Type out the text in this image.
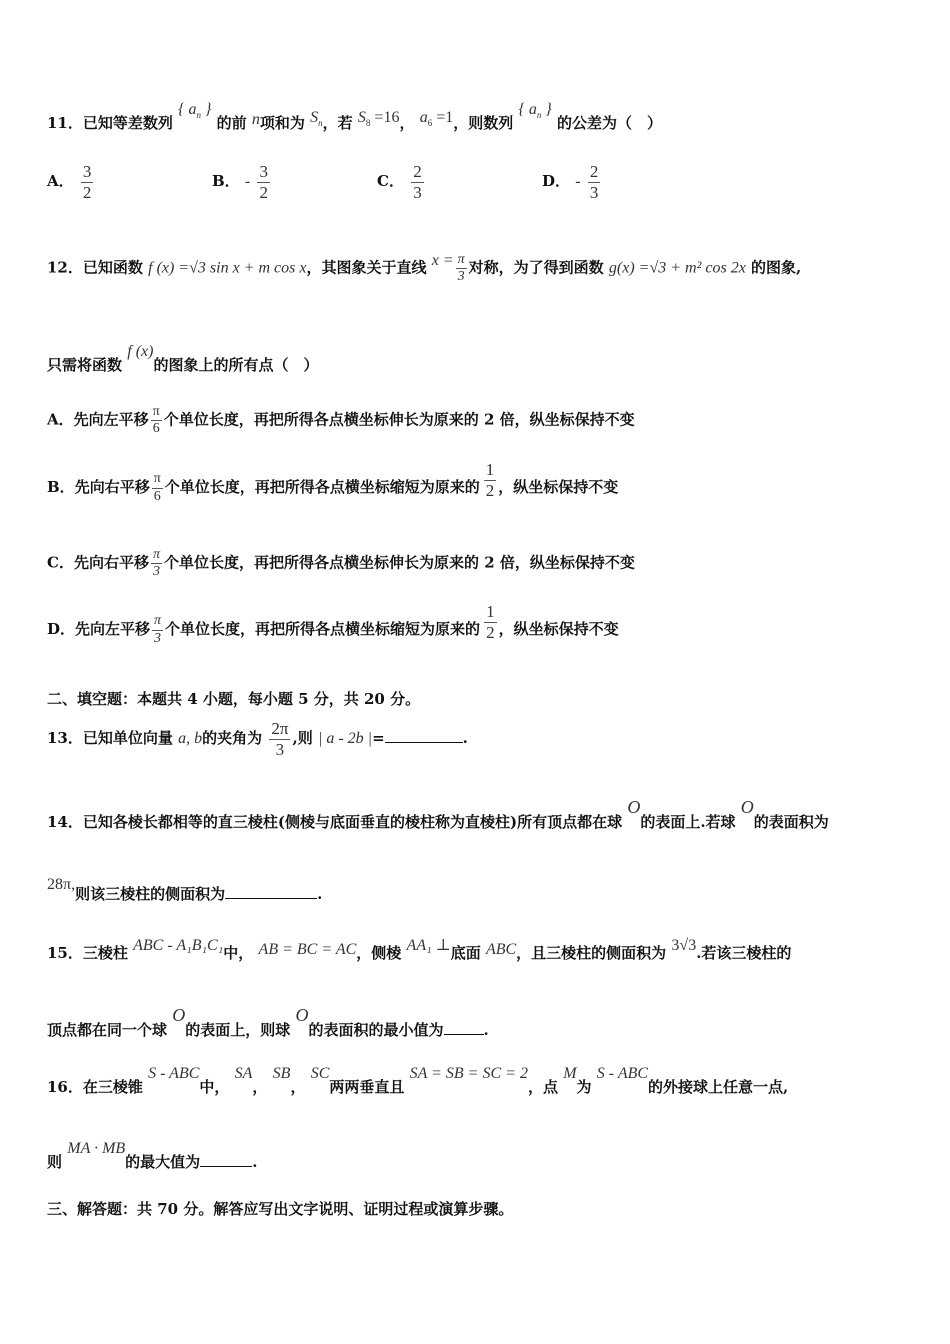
11．已知等差数列 { $a_n$ } 的前 n项和为 $S_n$，若 $S_8 =16$， $a_6 =1$，则数列 { $a_n$ } 的公差为（　）
A． $\frac{3}{2}$	B． - $\frac{3}{2}$	C． $\frac{2}{3}$	D． - $\frac{2}{3}$
12．已知函数 f (x) =√3 sin x + m cos x，其图象关于直线 $x = \frac{\pi}{3}$ 对称，为了得到函数 g(x) =√3 + m² cos 2x 的图象,
只需将函数 f (x)的图象上的所有点（　）
A．先向左平移 $\frac{\pi}{6}$ 个单位长度，再把所得各点横坐标伸长为原来的 2 倍，纵坐标保持不变
B．先向右平移 $\frac{\pi}{6}$ 个单位长度，再把所得各点横坐标缩短为原来的 $\frac{1}{2}$ ，纵坐标保持不变
C．先向右平移 $\frac{\pi}{3}$ 个单位长度，再把所得各点横坐标伸长为原来的 2 倍，纵坐标保持不变
D．先向左平移 $\frac{\pi}{3}$ 个单位长度，再把所得各点横坐标缩短为原来的 $\frac{1}{2}$ ，纵坐标保持不变
二、填空题：本题共 4 小题，每小题 5 分，共 20 分。
13．已知单位向量 a, b的夹角为 $\frac{2\pi}{3}$ ,则 | a - 2b |=	.
14．已知各棱长都相等的直三棱柱(侧棱与底面垂直的棱柱称为直棱柱)所有顶点都在球 O的表面上.若球 O的表面积为
28π,则该三棱柱的侧面积为	.
15．三棱柱 ABC - A₁B₁C₁中， AB = BC = AC，侧棱 AA₁ ⊥底面 ABC，且三棱柱的侧面积为 3√3.若该三棱柱的
顶点都在同一个球 O的表面上，则球 O的表面积的最小值为	.
16．在三棱锥 S - ABC中， SA， SB， SC两两垂直且 SA = SB = SC = 2，点 M为 S - ABC的外接球上任意一点,
则 MA · MB的最大值为	.
三、解答题：共 70 分。解答应写出文字说明、证明过程或演算步骤。
